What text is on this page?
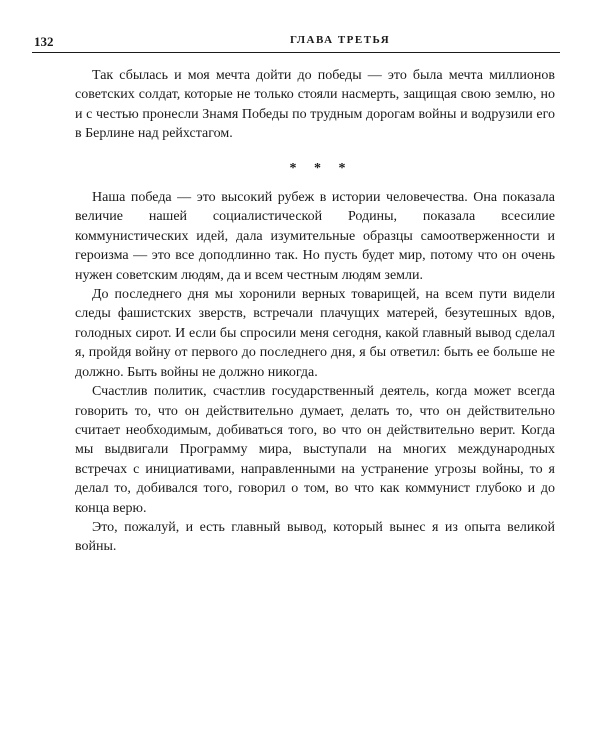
132	ГЛАВА ТРЕТЬЯ

Так сбылась и моя мечта дойти до победы — это была мечта миллионов советских солдат, которые не только стояли насмерть, защищая свою землю, но и с честью пронесли Знамя Победы по трудным дорогам войны и водрузили его в Берлине над рейхстагом.

* * *

Наша победа — это высокий рубеж в истории человечества. Она показала величие нашей социалистической Родины, показала всесилие коммунистических идей, дала изумительные образцы самоотверженности и героизма — это все доподлинно так. Но пусть будет мир, потому что он очень нужен советским людям, да и всем честным людям земли.

До последнего дня мы хоронили верных товарищей, на всем пути видели следы фашистских зверств, встречали плачущих матерей, безутешных вдов, голодных сирот. И если бы спросили меня сегодня, какой главный вывод сделал я, пройдя войну от первого до последнего дня, я бы ответил: быть ее больше не должно. Быть войны не должно никогда.

Счастлив политик, счастлив государственный деятель, когда может всегда говорить то, что он действительно думает, делать то, что он действительно считает необходимым, добиваться того, во что он действительно верит. Когда мы выдвигали Программу мира, выступали на многих международных встречах с инициативами, направленными на устранение угрозы войны, то я делал то, добивался того, говорил о том, во что как коммунист глубоко и до конца верю.

Это, пожалуй, и есть главный вывод, который вынес я из опыта великой войны.
